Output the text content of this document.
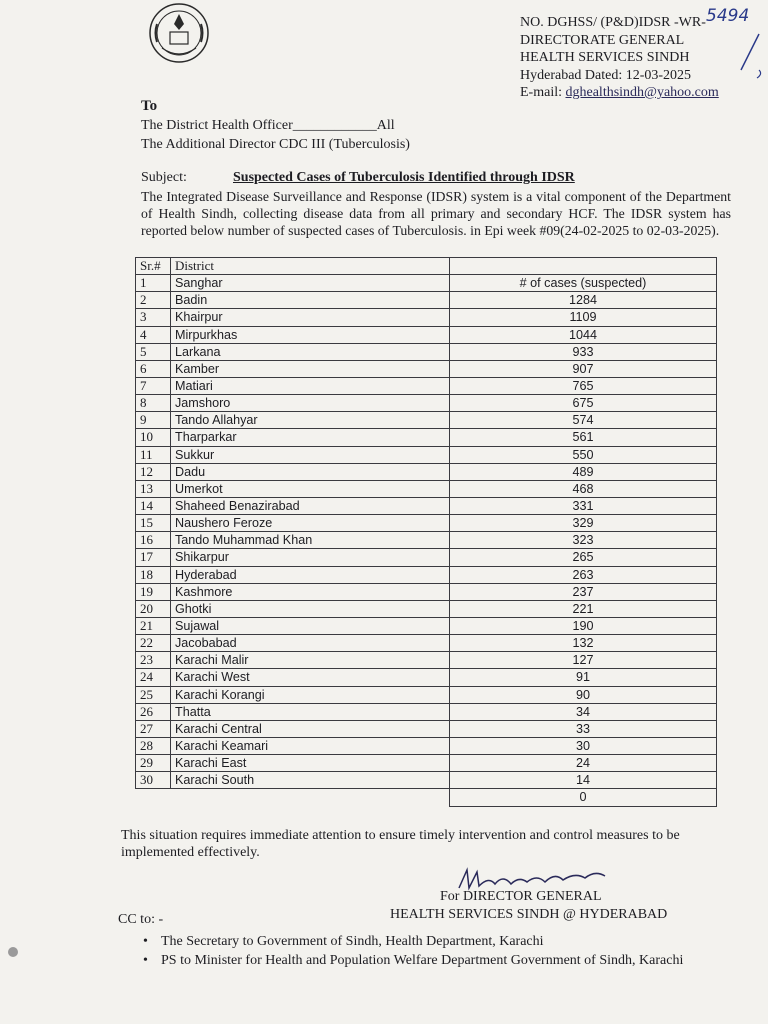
NO. DGHSS/ (P&D)IDSR -WR- 5494
DIRECTORATE GENERAL
HEALTH SERVICES SINDH
Hyderabad Dated: 12-03-2025
E-mail: dghealthsindh@yahoo.com
To
The District Health Officer____________All
The Additional Director CDC III (Tuberculosis)
Subject:	Suspected Cases of Tuberculosis Identified through IDSR
The Integrated Disease Surveillance and Response (IDSR) system is a vital component of the Department of Health Sindh, collecting disease data from all primary and secondary HCF. The IDSR system has reported below number of suspected cases of Tuberculosis. in Epi week #09(24-02-2025 to 02-03-2025).
Sr.#	District	
1	Sanghar	# of cases (suspected)
2	Badin	1284
3	Khairpur	1109
4	Mirpurkhas	1044
5	Larkana	933
6	Kamber	907
7	Matiari	765
8	Jamshoro	675
9	Tando Allahyar	574
10	Tharparkar	561
11	Sukkur	550
12	Dadu	489
13	Umerkot	468
14	Shaheed Benazirabad	331
15	Naushero Feroze	329
16	Tando Muhammad Khan	323
17	Shikarpur	265
18	Hyderabad	263
19	Kashmore	237
20	Ghotki	221
21	Sujawal	190
22	Jacobabad	132
23	Karachi Malir	127
24	Karachi West	91
25	Karachi Korangi	90
26	Thatta	34
27	Karachi Central	33
28	Karachi Keamari	30
29	Karachi East	24
30	Karachi South	14
		0
This situation requires immediate attention to ensure timely intervention and control measures to be implemented effectively.
For DIRECTOR GENERAL
HEALTH SERVICES SINDH @ HYDERABAD
CC to: -
• The Secretary to Government of Sindh, Health Department, Karachi
• PS to Minister for Health and Population Welfare Department Government of Sindh, Karachi
